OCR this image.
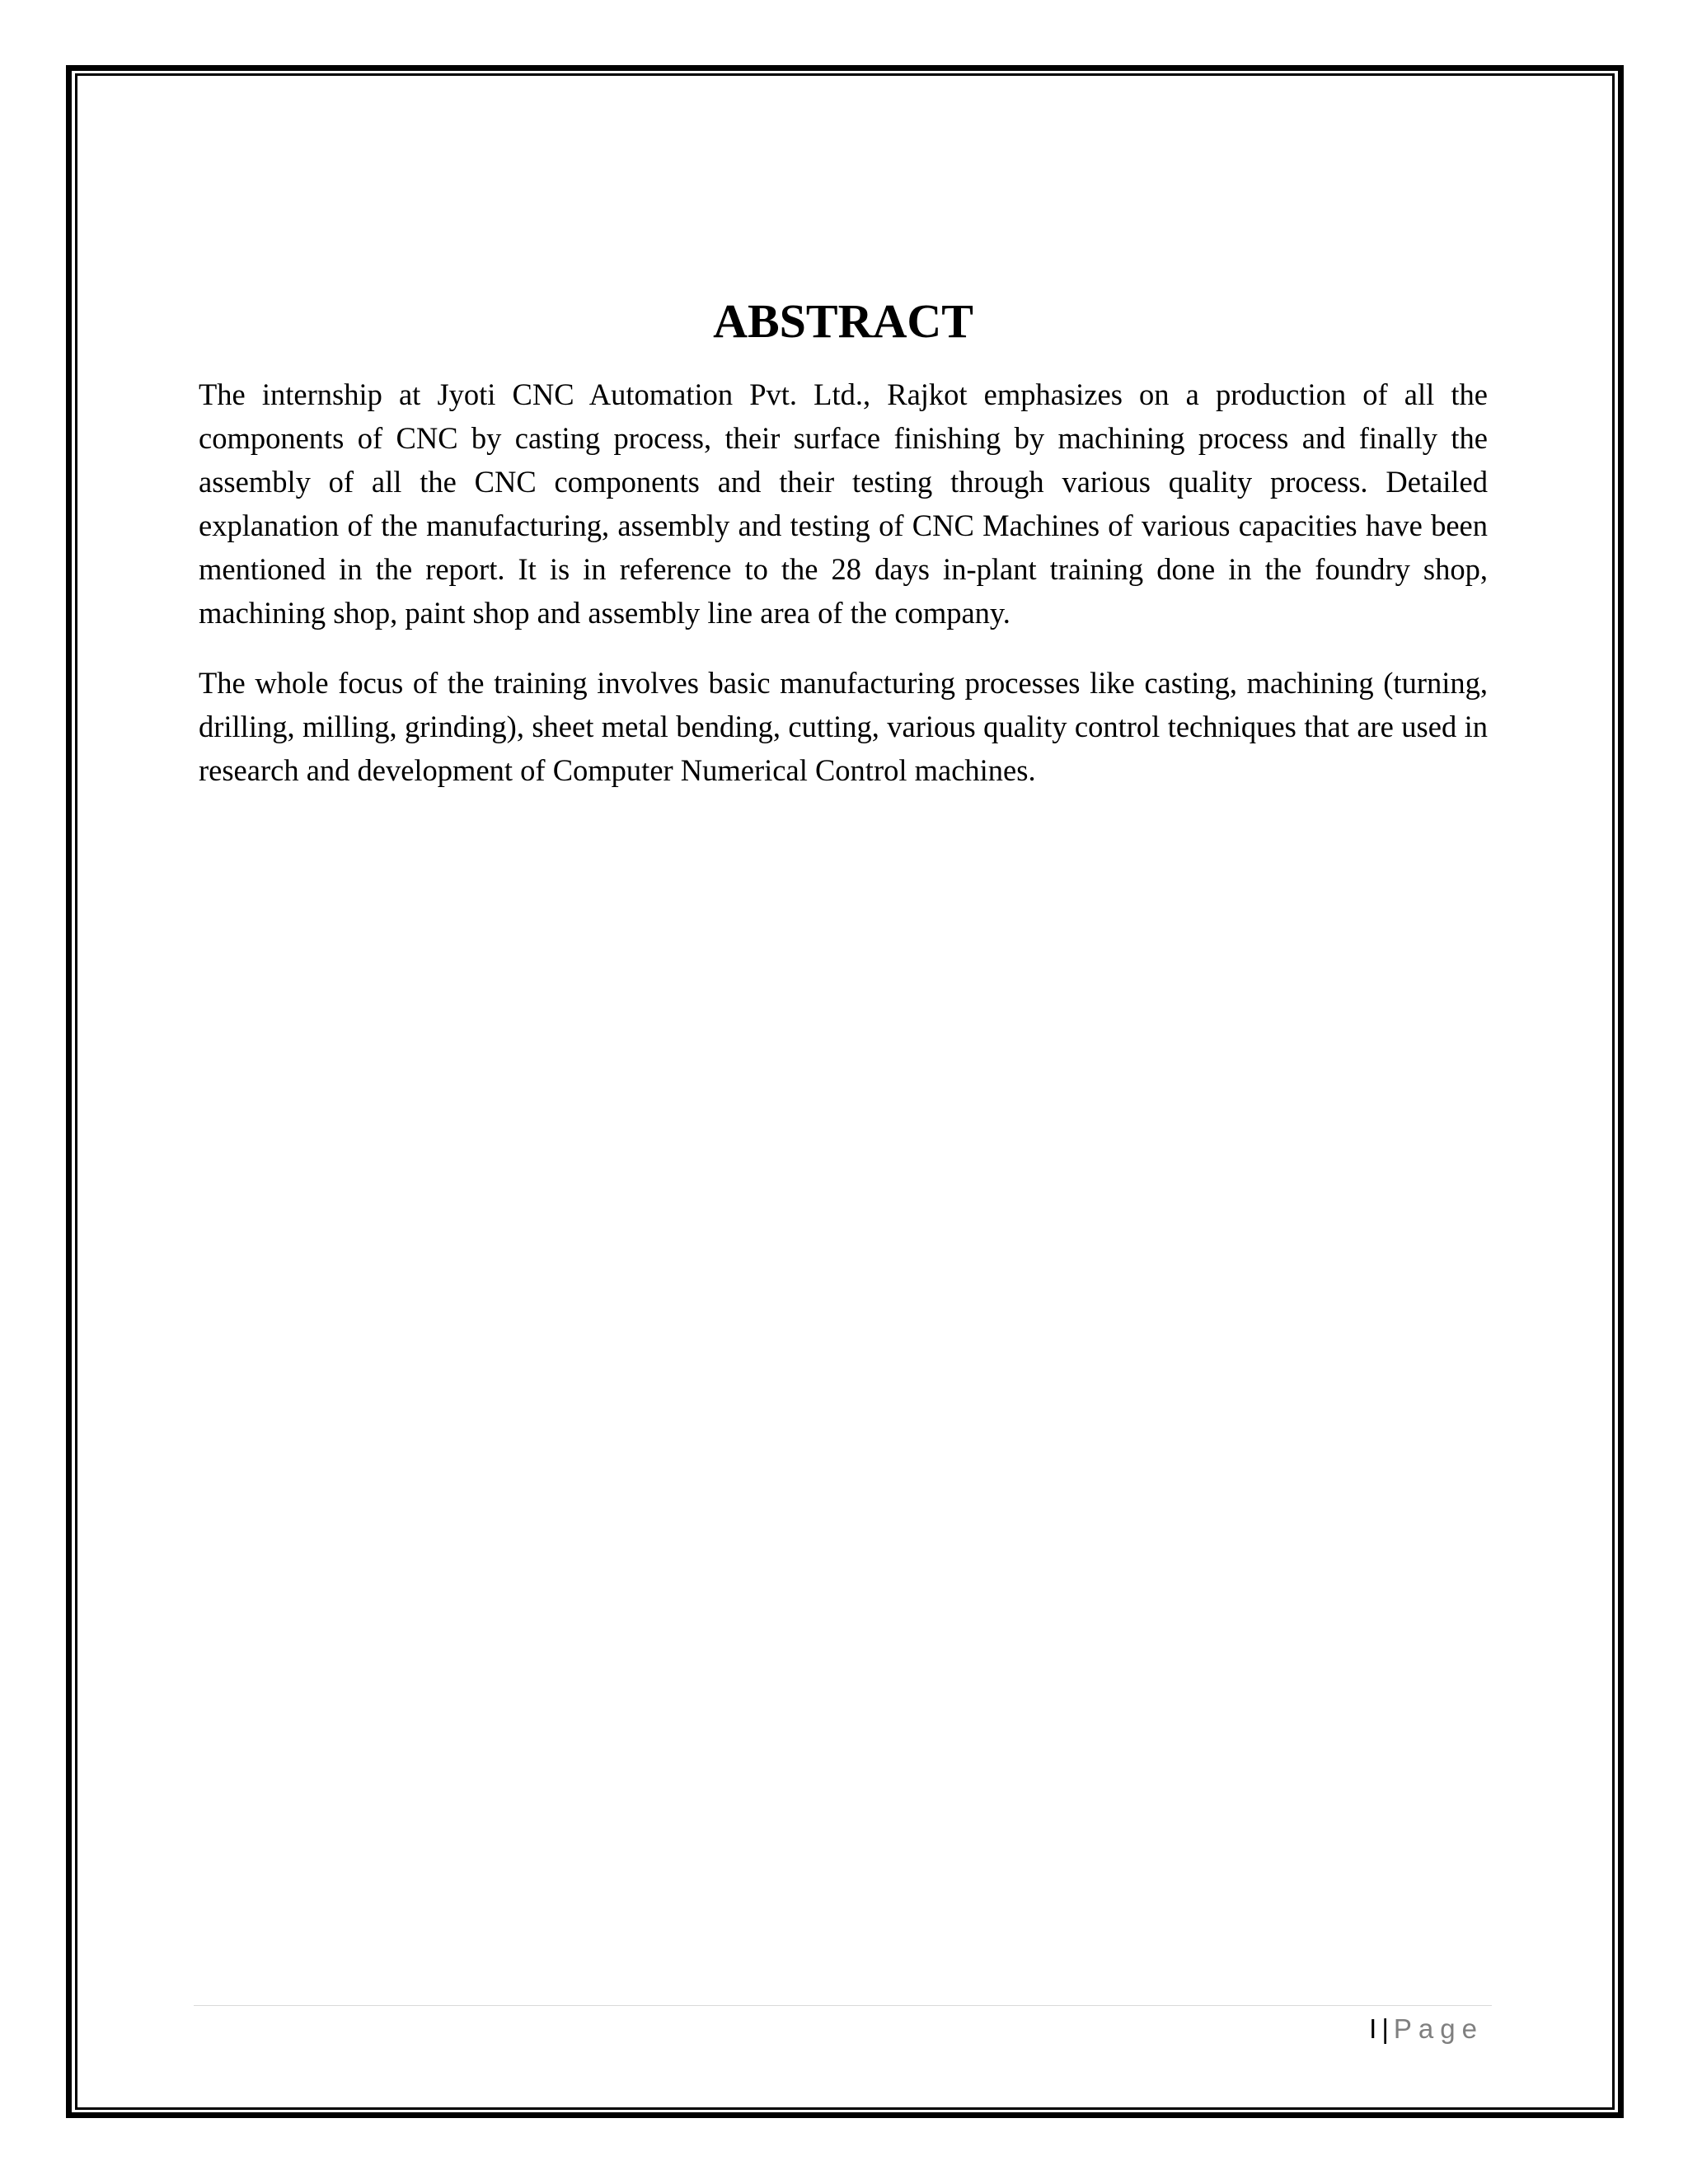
ABSTRACT

The internship at Jyoti CNC Automation Pvt. Ltd., Rajkot emphasizes on a production of all the components of CNC by casting process, their surface finishing by machining process and finally the assembly of all the CNC components and their testing through various quality process. Detailed explanation of the manufacturing, assembly and testing of CNC Machines of various capacities have been mentioned in the report. It is in reference to the 28 days in-plant training done in the foundry shop, machining shop, paint shop and assembly line area of the company.

The whole focus of the training involves basic manufacturing processes like casting, machining (turning, drilling, milling, grinding), sheet metal bending, cutting, various quality control techniques that are used in research and development of Computer Numerical Control machines.

I | Page
